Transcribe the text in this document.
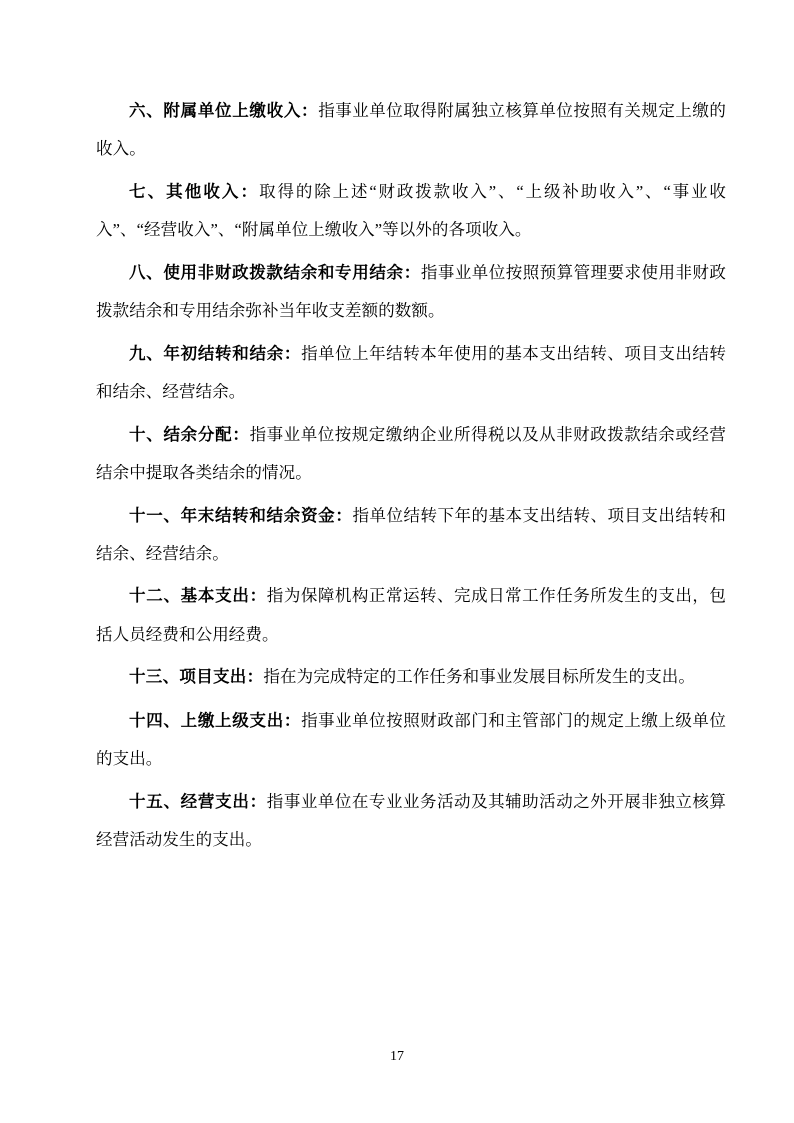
六、附属单位上缴收入：指事业单位取得附属独立核算单位按照有关规定上缴的收入。

七、其他收入：取得的除上述“财政拨款收入”、“上级补助收入”、“事业收入”、“经营收入”、“附属单位上缴收入”等以外的各项收入。

八、使用非财政拨款结余和专用结余：指事业单位按照预算管理要求使用非财政拨款结余和专用结余弥补当年收支差额的数额。

九、年初结转和结余：指单位上年结转本年使用的基本支出结转、项目支出结转和结余、经营结余。

十、结余分配：指事业单位按规定缴纳企业所得税以及从非财政拨款结余或经营结余中提取各类结余的情况。

十一、年末结转和结余资金：指单位结转下年的基本支出结转、项目支出结转和结余、经营结余。

十二、基本支出：指为保障机构正常运转、完成日常工作任务所发生的支出，包括人员经费和公用经费。

十三、项目支出：指在为完成特定的工作任务和事业发展目标所发生的支出。

十四、上缴上级支出：指事业单位按照财政部门和主管部门的规定上缴上级单位的支出。

十五、经营支出：指事业单位在专业业务活动及其辅助活动之外开展非独立核算经营活动发生的支出。

17
